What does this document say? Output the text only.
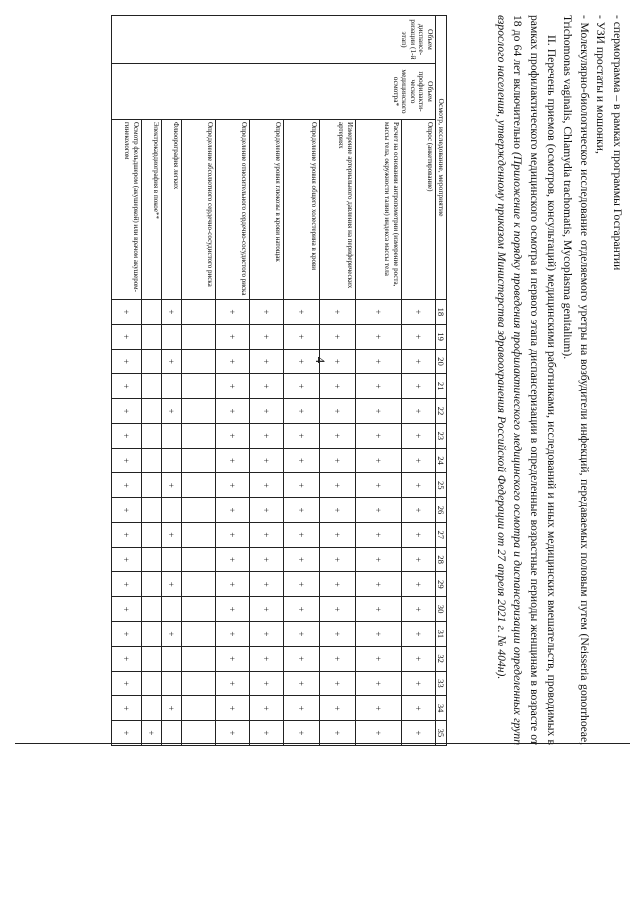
4

- спермограмма – в рамках программы Госгарантии

- УЗИ простаты и мошонки,

- Молекулярно-биологическое исследование отделяемого уретры на возбудители инфекций, передаваемых половым путем (Neisseria gonorrhoeae, Trichomonas vaginalis, Chlamydia trachomatis, Mycoplasma genitalium).

II. Перечень приемов (осмотров, консультаций) медицинскими работниками, исследований и иных медицинских вмешательств, проводимых в рамках профилактического медицинского осмотра и первого этапа диспансеризации в определенные возрастные периоды женщинам в возрасте от 18 до 64 лет включительно (Приложение к порядку проведения профилактического медицинского осмотра и диспансеризации определенных групп взрослого населения, утвержденному приказом Министерства здравоохранения Российской Федерации от 27 апреля 2021 г. № 404н).

Осмотр, исследование, мероприятие			18	19	20	21	22	23	24	25	26	27	28	29	30	31	32	33	34	35
Объем диспансе-ризации (1-й этап)	Объем профилакти-ческого медицинского осмотра*	Опрос (анкетирование)	+	+	+	+	+	+	+	+	+	+	+	+	+	+	+	+	+	+
		Расчет на основании антропометрии (измерение роста, массы тела, окружности талии) индекса массы тела	+	+	+	+	+	+	+	+	+	+	+	+	+	+	+	+	+	+
		Измерение артериального давления на периферических артериях	+	+	+	+	+	+	+	+	+	+	+	+	+	+	+	+	+	+
		Определение уровня общего холестерина в крови	+	+	+	+	+	+	+	+	+	+	+	+	+	+	+	+	+	+
		Определение уровня глюкозы в крови натощак	+	+	+	+	+	+	+	+	+	+	+	+	+	+	+	+	+	+
		Определение относительного сердечно-сосудистого риска	+	+	+	+	+	+	+	+	+	+	+	+	+	+	+	+	+	+
		Определение абсолютного сердечно-сосудистого риска																		
		Флюорография легких	+		+		+			+		+		+		+			+	
		Электрокардиография в покое**																		+
		Осмотр фельдшером (акушеркой) или врачом акушером-гинекологом	+	+	+	+	+	+	+	+	+	+	+	+	+	+	+	+	+	+
